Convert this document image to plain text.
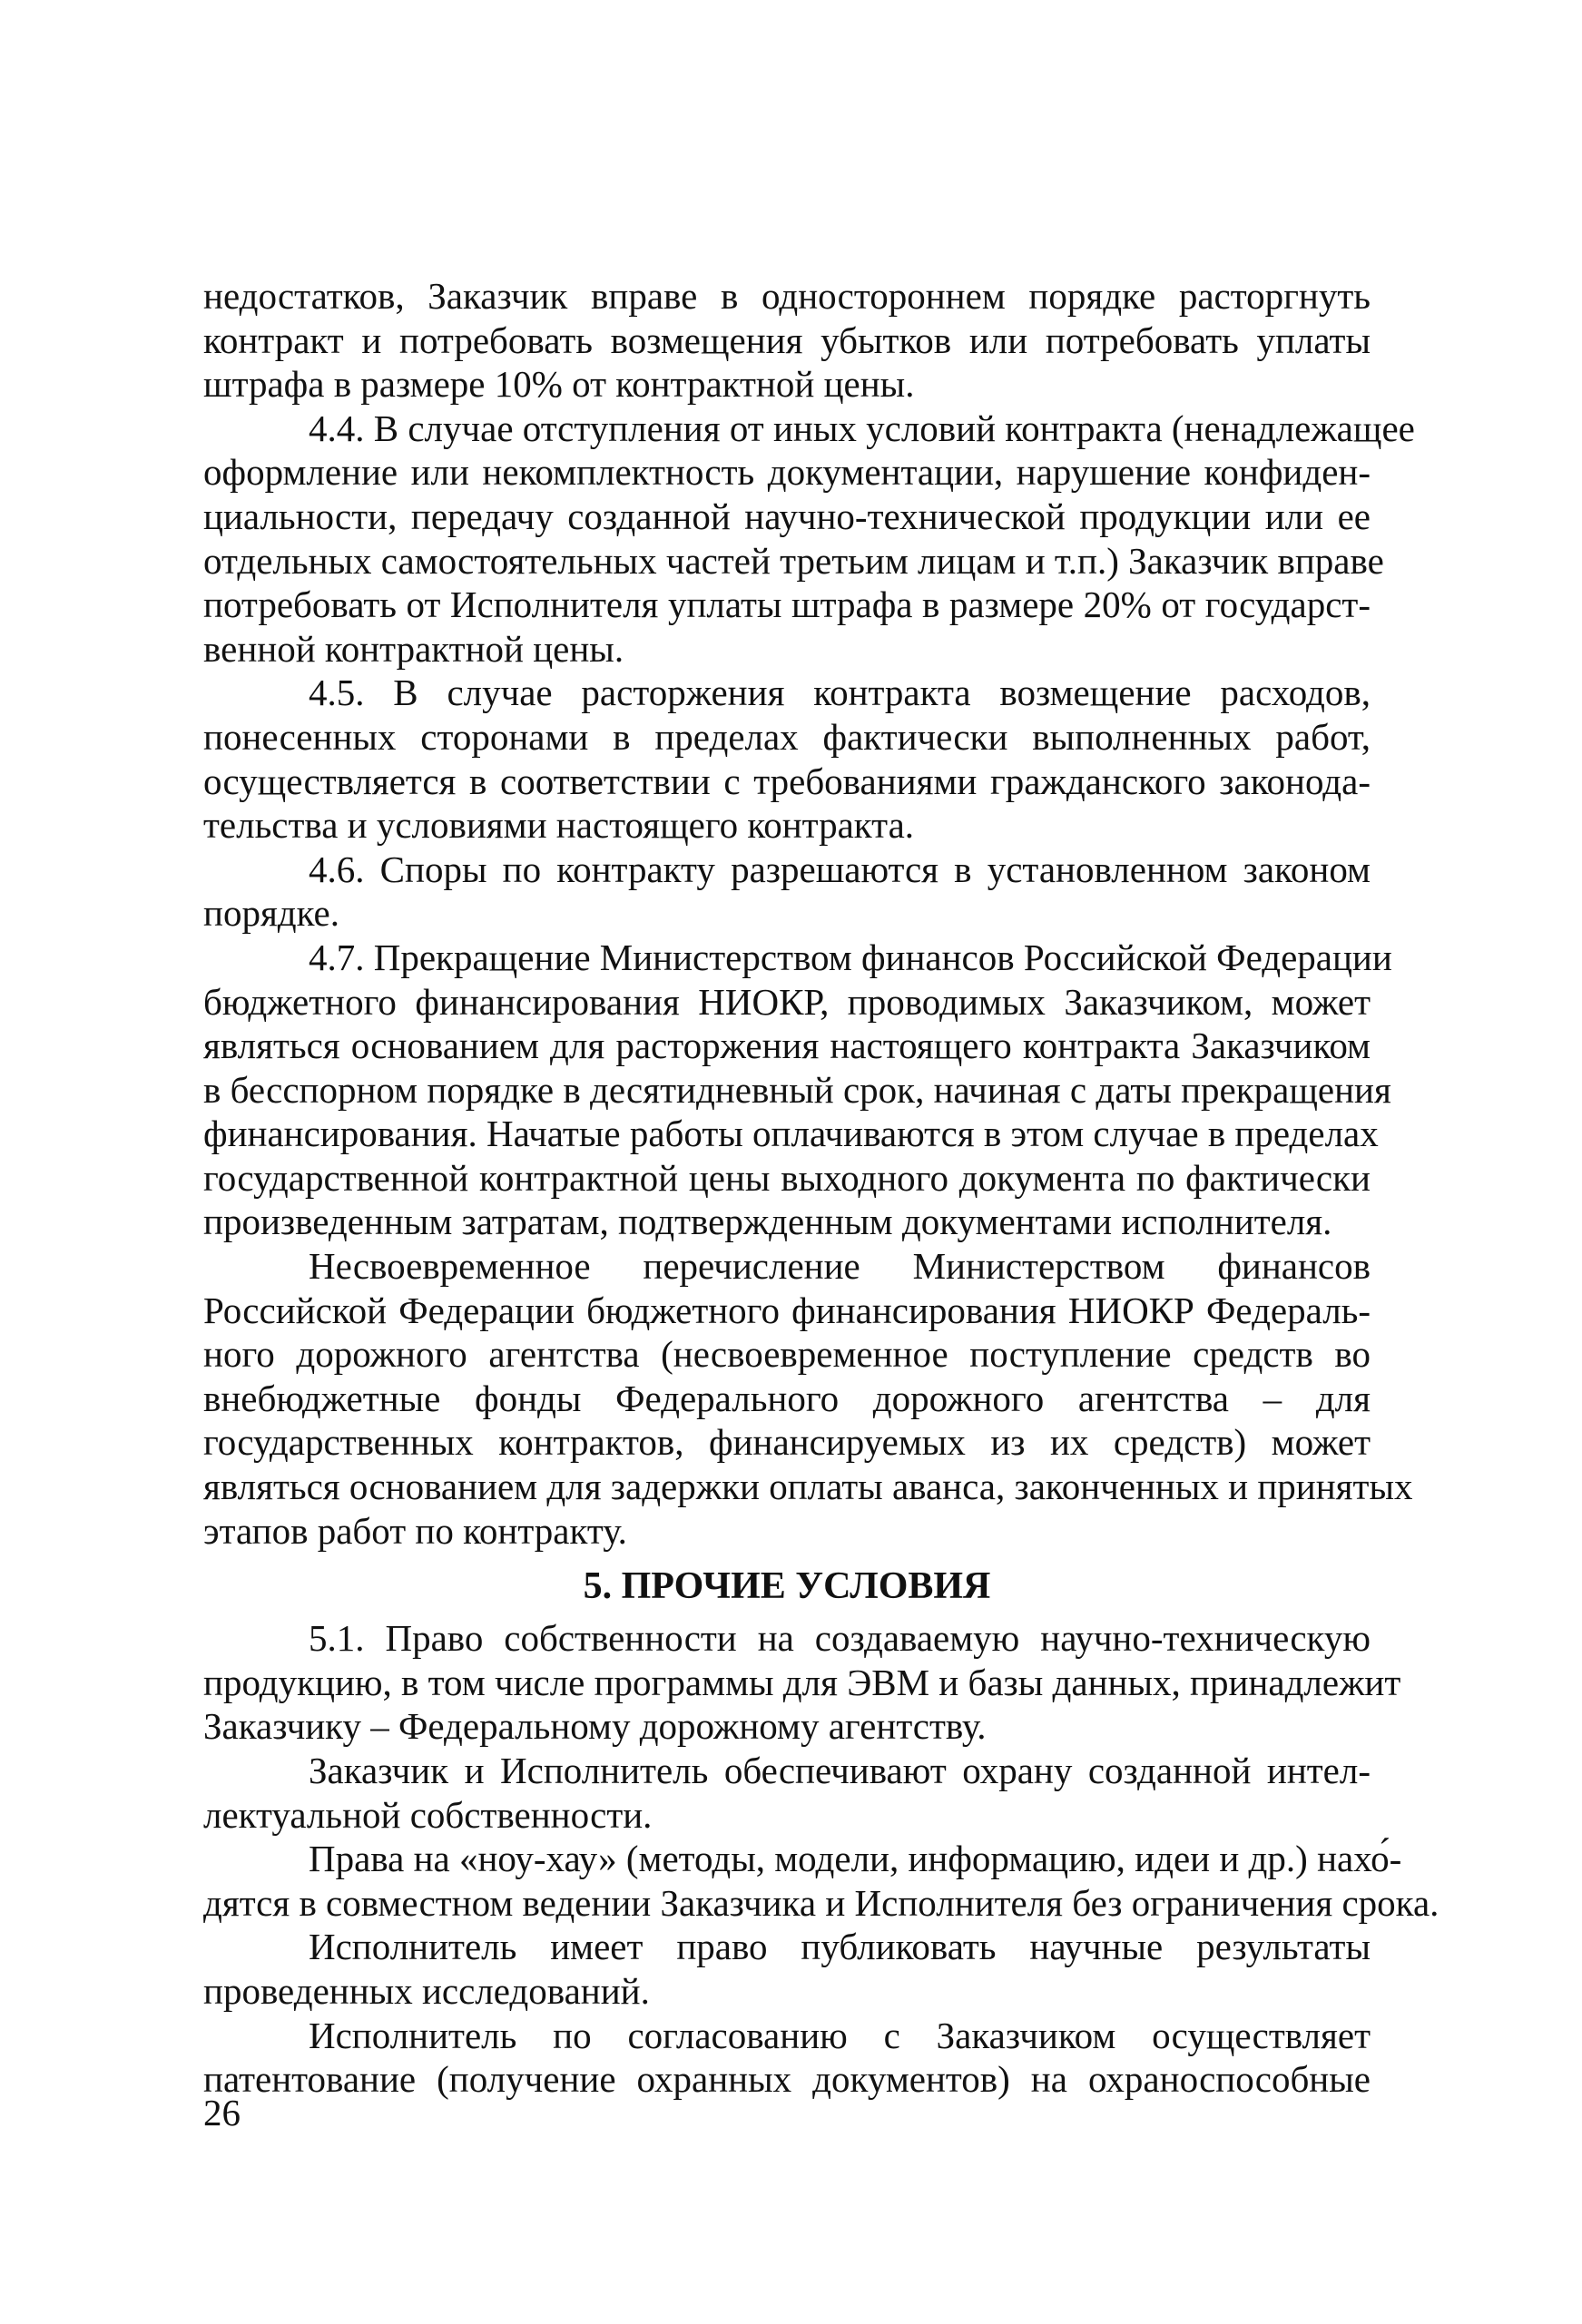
недостатков, Заказчик вправе в одностороннем порядке расторгнуть
контракт и потребовать возмещения убытков или потребовать уплаты
штрафа в размере 10% от контрактной цены.
4.4. В случае отступления от иных условий контракта (ненадлежащее
оформление или некомплектность документации, нарушение конфиден-
циальности, передачу созданной научно-технической продукции или ее
отдельных самостоятельных частей третьим лицам и т.п.) Заказчик вправе
потребовать от Исполнителя уплаты штрафа в размере 20% от государст-
венной контрактной цены.
4.5. В случае расторжения контракта возмещение расходов,
понесенных сторонами в пределах фактически выполненных работ,
осуществляется в соответствии с требованиями гражданского законода-
тельства и условиями настоящего контракта.
4.6. Споры по контракту разрешаются в установленном законом
порядке.
4.7. Прекращение Министерством финансов Российской Федерации
бюджетного финансирования НИОКР, проводимых Заказчиком, может
являться основанием для расторжения настоящего контракта Заказчиком
в бесспорном порядке в десятидневный срок, начиная с даты прекращения
финансирования. Начатые работы оплачиваются в этом случае в пределах
государственной контрактной цены выходного документа по фактически
произведенным затратам, подтвержденным документами исполнителя.
Несвоевременное перечисление Министерством финансов
Российской Федерации бюджетного финансирования НИОКР Федераль-
ного дорожного агентства (несвоевременное поступление средств во
внебюджетные фонды Федерального дорожного агентства – для
государственных контрактов, финансируемых из их средств) может
являться основанием для задержки оплаты аванса, законченных и принятых
этапов работ по контракту.
5. ПРОЧИЕ УСЛОВИЯ
5.1. Право собственности на создаваемую научно-техническую
продукцию, в том числе программы для ЭВМ и базы данных, принадлежит
Заказчику – Федеральному дорожному агентству.
Заказчик и Исполнитель обеспечивают охрану созданной интел-
лектуальной собственности.
Права на «ноу-хау» (методы, модели, информацию, идеи и др.) нахо́-
дятся в совместном ведении Заказчика и Исполнителя без ограничения срока.
Исполнитель имеет право публиковать научные результаты
проведенных исследований.
Исполнитель по согласованию с Заказчиком осуществляет
патентование (получение охранных документов) на охраноспособные
26
